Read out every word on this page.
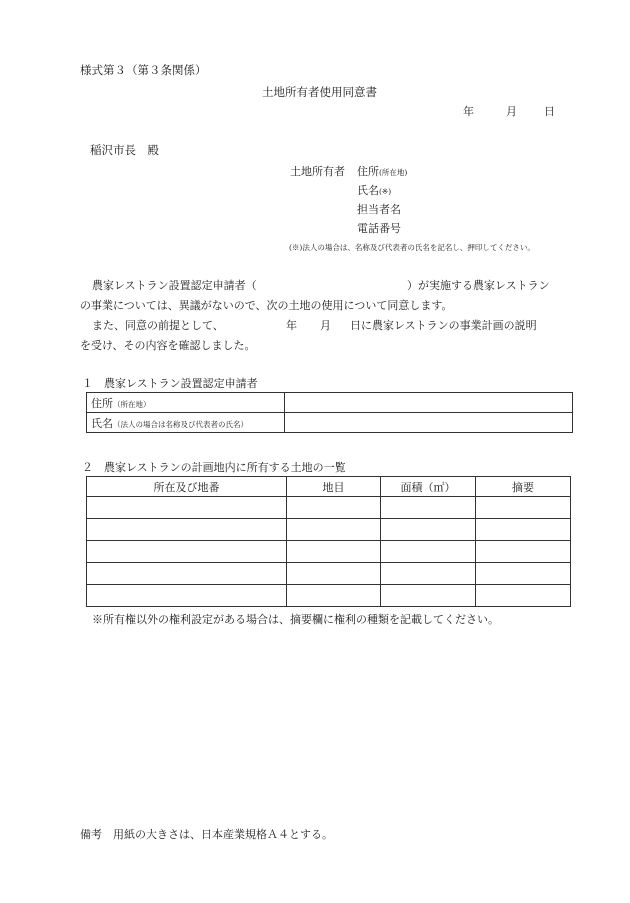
様式第３（第３条関係）
土地所有者使用同意書
年	月 日
稲沢市長　殿
土地所有者 住所(所在地)
氏名(※)
担当者名
電話番号
(※)法人の場合は、名称及び代表者の氏名を記名し、押印してください。
農家レストラン設置認定申請者（	）が実施する農家レストラン
の事業については、異議がないので、次の土地の使用について同意します。
また、同意の前提として、	年 月 日に農家レストランの事業計画の説明
を受け、その内容を確認しました。
１　農家レストラン設置認定申請者
住所（所在地）	
氏名（法人の場合は名称及び代表者の氏名）	
２　農家レストランの計画地内に所有する土地の一覧
所在及び地番	地目	面積（㎡）	摘要

※所有権以外の権利設定がある場合は、摘要欄に権利の種類を記載してください。
備考　用紙の大きさは、日本産業規格Ａ４とする。
